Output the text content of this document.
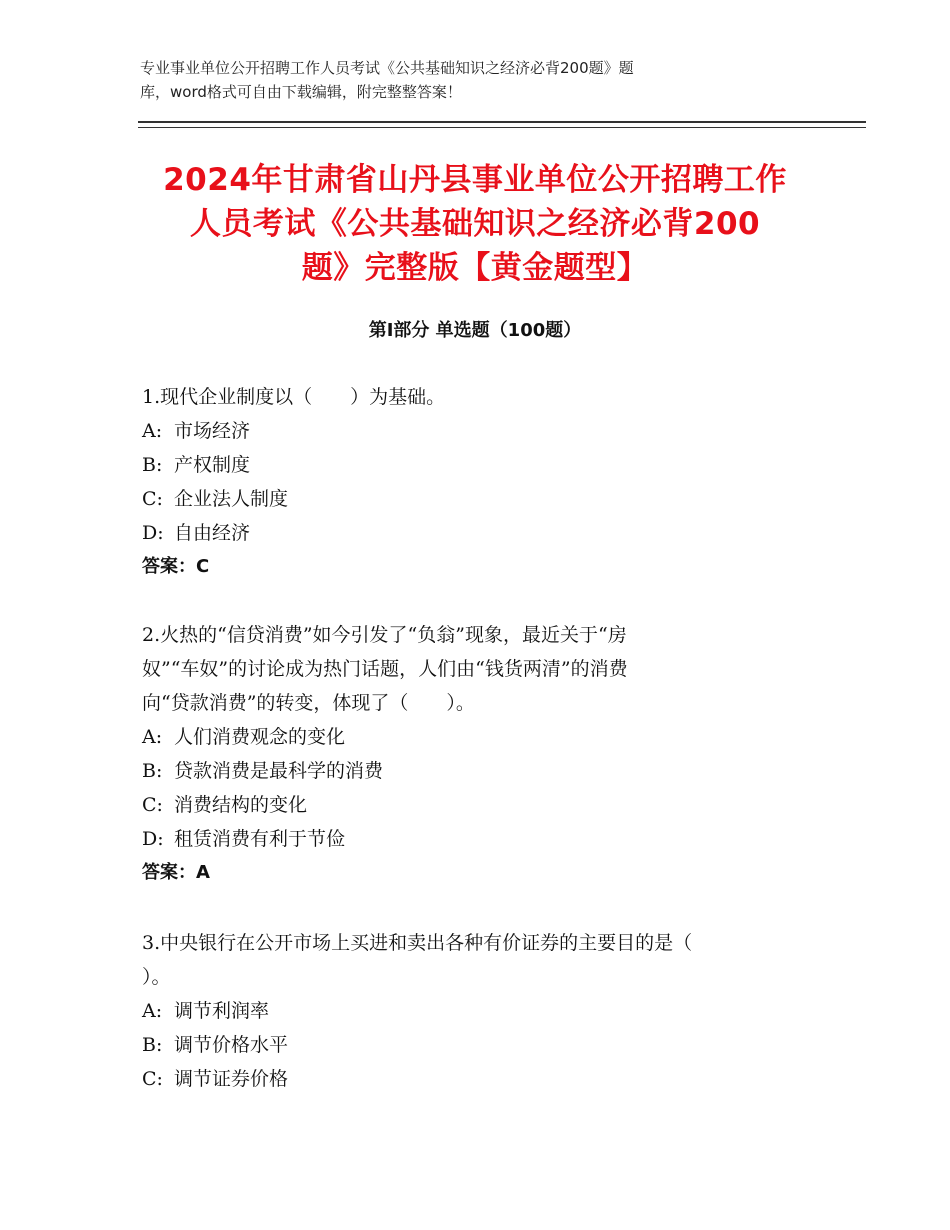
专业事业单位公开招聘工作人员考试《公共基础知识之经济必背200题》题
库，word格式可自由下载编辑，附完整整答案！
2024年甘肃省山丹县事业单位公开招聘工作
人员考试《公共基础知识之经济必背200
题》完整版【黄金题型】
第I部分 单选题（100题）
1.现代企业制度以（　　）为基础。
A: 市场经济
B: 产权制度
C: 企业法人制度
D: 自由经济
答案：C
2.火热的“信贷消费”如今引发了“负翁”现象，最近关于“房
奴”“车奴”的讨论成为热门话题，人们由“钱货两清”的消费
向“贷款消费”的转变，体现了（　　）。
A: 人们消费观念的变化
B: 贷款消费是最科学的消费
C: 消费结构的变化
D: 租赁消费有利于节俭
答案：A
3.中央银行在公开市场上买进和卖出各种有价证券的主要目的是（
）。
A: 调节利润率
B: 调节价格水平
C: 调节证券价格
